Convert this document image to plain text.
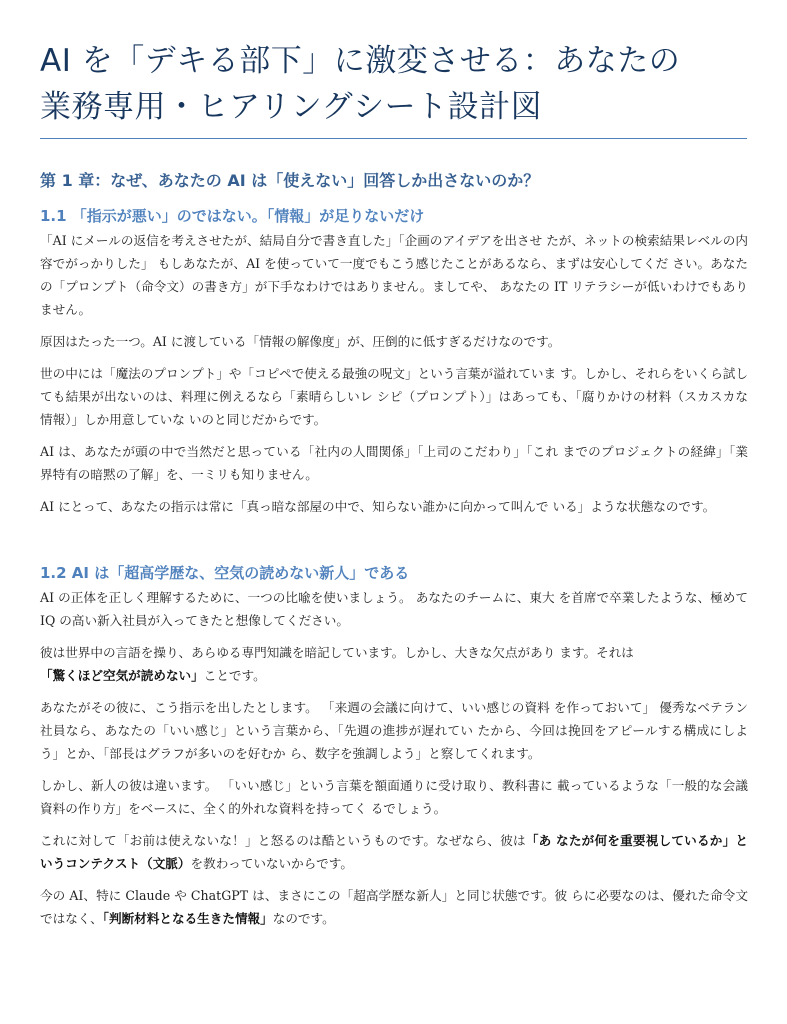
AI を「デキる部下」に激変させる：あなたの
業務専用・ヒアリングシート設計図
第 1 章：なぜ、あなたの AI は「使えない」回答しか出さないのか？
1.1 「指示が悪い」のではない。「情報」が足りないだけ

「AI にメールの返信を考えさせたが、結局自分で書き直した」「企画のアイデアを出させ たが、ネットの検索結果レベルの内容でがっかりした」 もしあなたが、AI を使っていて一度でもこう感じたことがあるなら、まずは安心してくだ さい。あなたの「プロンプト（命令文）の書き方」が下手なわけではありません。ましてや、 あなたの IT リテラシーが低いわけでもありません。

原因はたった一つ。AI に渡している「情報の解像度」が、圧倒的に低すぎるだけなのです。

世の中には「魔法のプロンプト」や「コピペで使える最強の呪文」という言葉が溢れていま す。しかし、それらをいくら試しても結果が出ないのは、料理に例えるなら「素晴らしいレ シピ（プロンプト）」はあっても、「腐りかけの材料（スカスカな情報）」しか用意していな いのと同じだからです。

AI は、あなたが頭の中で当然だと思っている「社内の人間関係」「上司のこだわり」「これ までのプロジェクトの経緯」「業界特有の暗黙の了解」を、一ミリも知りません。

AI にとって、あなたの指示は常に「真っ暗な部屋の中で、知らない誰かに向かって叫んで いる」ような状態なのです。

1.2 AI は「超高学歴な、空気の読めない新人」である

AI の正体を正しく理解するために、一つの比喩を使いましょう。 あなたのチームに、東大 を首席で卒業したような、極めて IQ の高い新入社員が入ってきたと想像してください。

彼は世界中の言語を操り、あらゆる専門知識を暗記しています。しかし、大きな欠点があり ます。それは
「驚くほど空気が読めない」ことです。

あなたがその彼に、こう指示を出したとします。 「来週の会議に向けて、いい感じの資料 を作っておいて」 優秀なベテラン社員なら、あなたの「いい感じ」という言葉から、「先週の進捗が遅れてい たから、今回は挽回をアピールする構成にしよう」とか、「部長はグラフが多いのを好むか ら、数字を強調しよう」と察してくれます。

しかし、新人の彼は違います。 「いい感じ」という言葉を額面通りに受け取り、教科書に 載っているような「一般的な会議資料の作り方」をベースに、全く的外れな資料を持ってく るでしょう。

これに対して「お前は使えないな！」と怒るのは酷というものです。なぜなら、彼は「あ なたが何を重要視しているか」というコンテクスト（文脈）を教わっていないからです。

今の AI、特に Claude や ChatGPT は、まさにこの「超高学歴な新人」と同じ状態です。彼 らに必要なのは、優れた命令文ではなく、「判断材料となる生きた情報」なのです。
